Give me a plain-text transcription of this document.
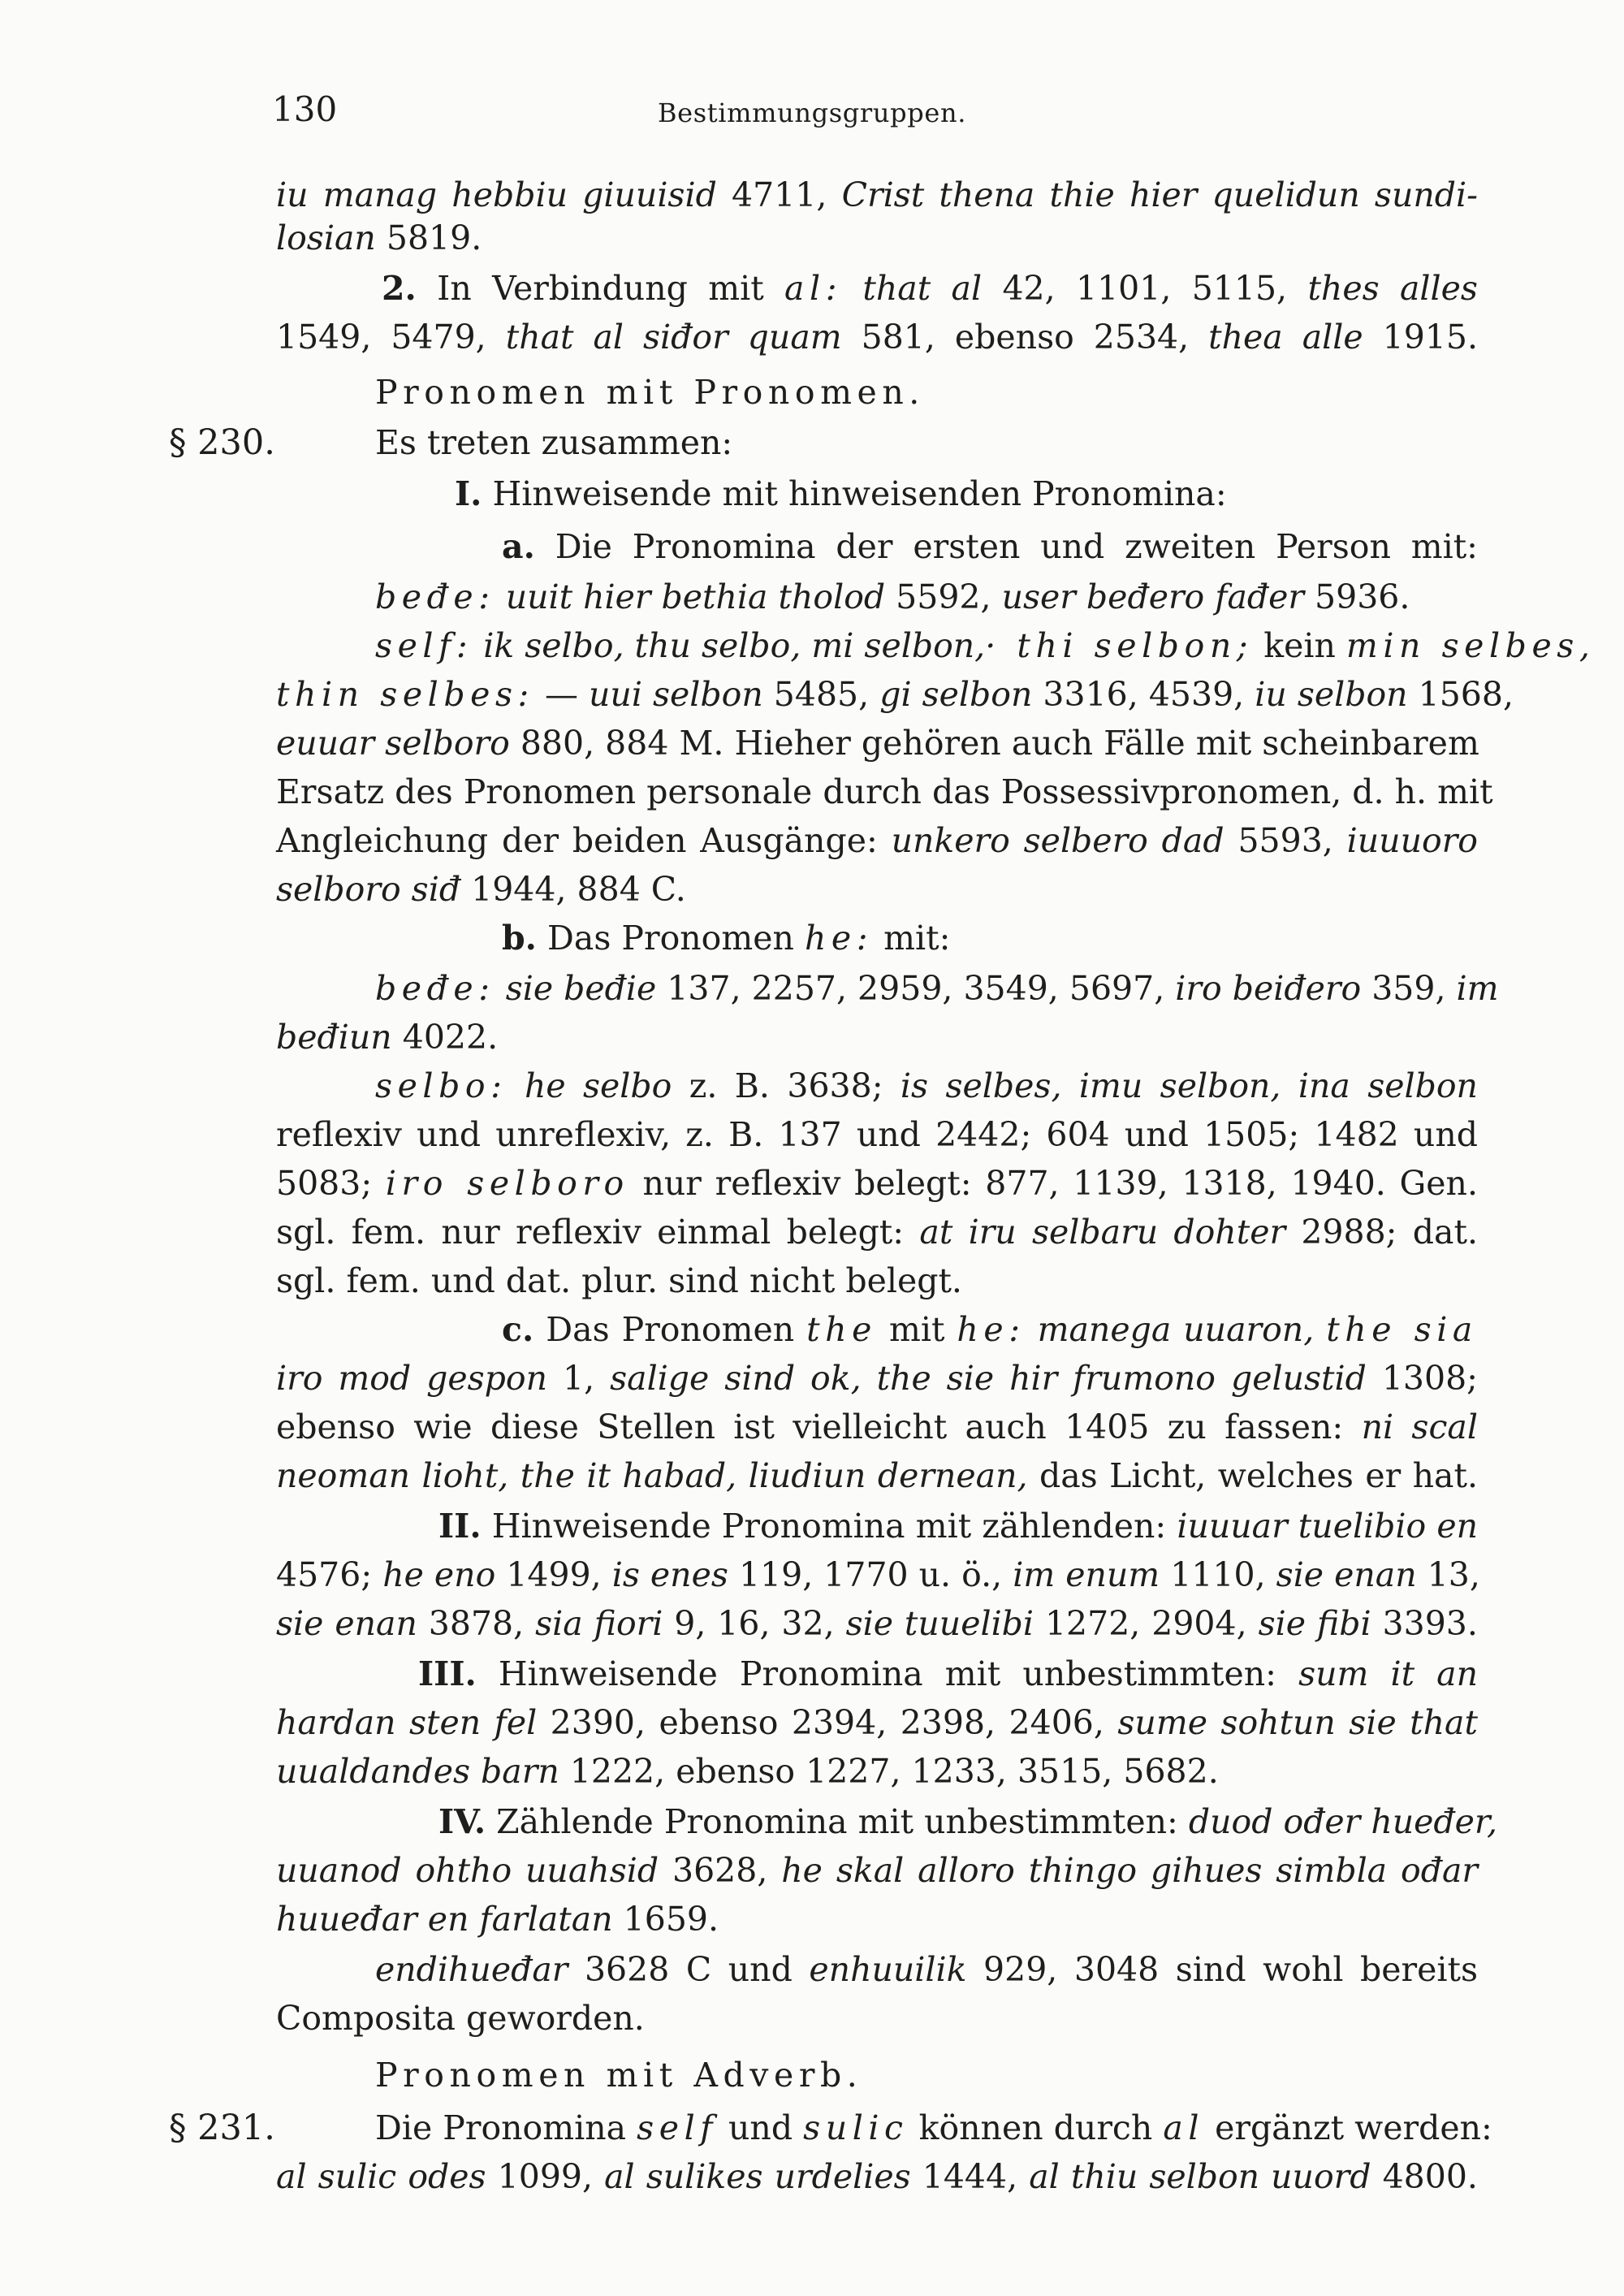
130	Bestimmungsgruppen.
iu manag hebbiu giuuisid 4711, Crist thena thie hier quelidun sundi-
losian 5819.
2. In Verbindung mit al: that al 42, 1101, 5115, thes alles
1549, 5479, that al siđor quam 581, ebenso 2534, thea alle 1915.
Pronomen mit Pronomen.
§ 230.	Es treten zusammen:
I. Hinweisende mit hinweisenden Pronomina:
a. Die Pronomina der ersten und zweiten Person mit:
beđe: uuit hier bethia tholod 5592, user beđero fađer 5936.
self: ik selbo, thu selbo, mi selbon,· thi selbon; kein min selbes,
thin selbes: — uui selbon 5485, gi selbon 3316, 4539, iu selbon 1568,
euuar selboro 880, 884 M. Hieher gehören auch Fälle mit scheinbarem
Ersatz des Pronomen personale durch das Possessivpronomen, d. h. mit
Angleichung der beiden Ausgänge: unkero selbero dad 5593, iuuuoro
selboro siđ 1944, 884 C.
b. Das Pronomen he: mit:
beđe: sie beđie 137, 2257, 2959, 3549, 5697, iro beiđero 359, im
beđiun 4022.
selbo: he selbo z. B. 3638; is selbes, imu selbon, ina selbon
reflexiv und unreflexiv, z. B. 137 und 2442; 604 und 1505; 1482 und
5083; iro selboro nur reflexiv belegt: 877, 1139, 1318, 1940. Gen.
sgl. fem. nur reflexiv einmal belegt: at iru selbaru dohter 2988; dat.
sgl. fem. und dat. plur. sind nicht belegt.
c. Das Pronomen the mit he: manega uuaron, the sia
iro mod gespon 1, salige sind ok, the sie hir frumono gelustid 1308;
ebenso wie diese Stellen ist vielleicht auch 1405 zu fassen: ni scal
neoman lioht, the it habad, liudiun dernean, das Licht, welches er hat.
II. Hinweisende Pronomina mit zählenden: iuuuar tuelibio en
4576; he eno 1499, is enes 119, 1770 u. ö., im enum 1110, sie enan 13,
sie enan 3878, sia fiori 9, 16, 32, sie tuuelibi 1272, 2904, sie fibi 3393.
III. Hinweisende Pronomina mit unbestimmten: sum it an
hardan sten fel 2390, ebenso 2394, 2398, 2406, sume sohtun sie that
uualdandes barn 1222, ebenso 1227, 1233, 3515, 5682.
IV. Zählende Pronomina mit unbestimmten: duod ođer hueđer,
uuanod ohtho uuahsid 3628, he skal alloro thingo gihues simbla ođar
huueđar en farlatan 1659.
endihueđar 3628 C und enhuuilik 929, 3048 sind wohl bereits
Composita geworden.
Pronomen mit Adverb.
§ 231.	Die Pronomina self und sulic können durch al ergänzt werden:
al sulic odes 1099, al sulikes urdelies 1444, al thiu selbon uuord 4800.
